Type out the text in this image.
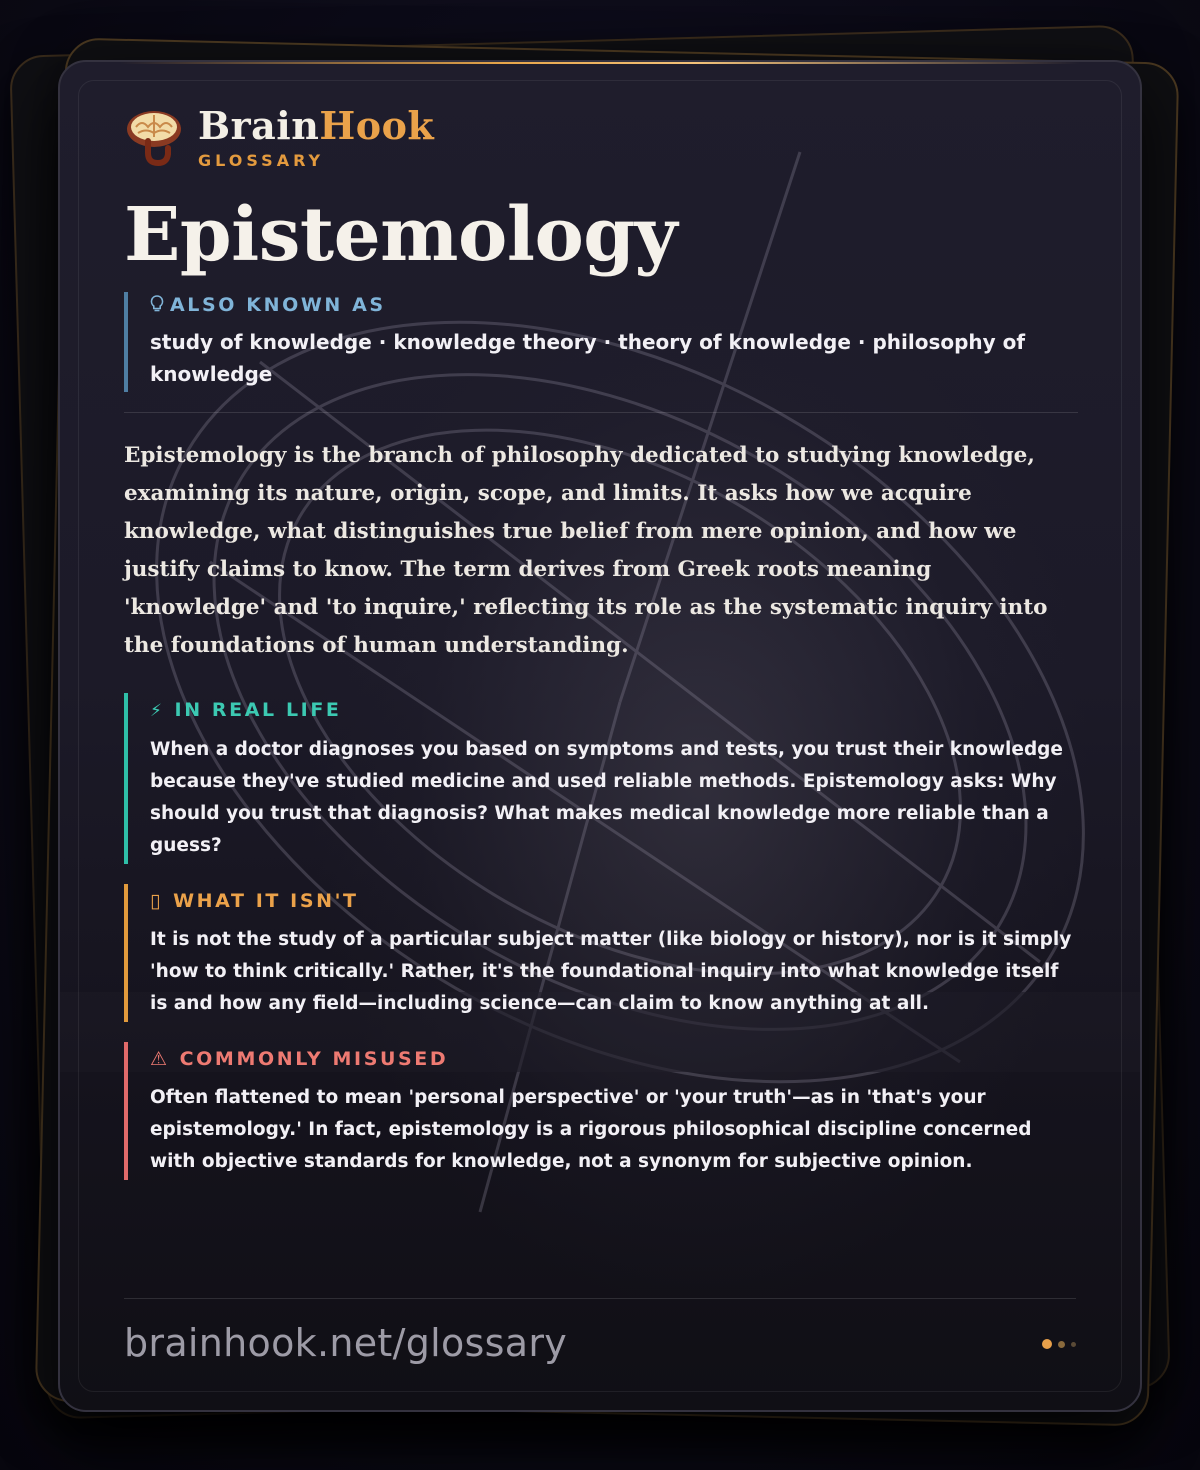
BrainHook
GLOSSARY
Epistemology
ALSO KNOWN AS
study of knowledge · knowledge theory · theory of knowledge · philosophy of knowledge
Epistemology is the branch of philosophy dedicated to studying knowledge, examining its nature, origin, scope, and limits. It asks how we acquire knowledge, what distinguishes true belief from mere opinion, and how we justify claims to know. The term derives from Greek roots meaning 'knowledge' and 'to inquire,' reflecting its role as the systematic inquiry into the foundations of human understanding.
⚡ IN REAL LIFE
When a doctor diagnoses you based on symptoms and tests, you trust their knowledge because they've studied medicine and used reliable methods. Epistemology asks: Why should you trust that diagnosis? What makes medical knowledge more reliable than a guess?
▯ WHAT IT ISN'T
It is not the study of a particular subject matter (like biology or history), nor is it simply 'how to think critically.' Rather, it's the foundational inquiry into what knowledge itself is and how any field—including science—can claim to know anything at all.
⚠ COMMONLY MISUSED
Often flattened to mean 'personal perspective' or 'your truth'—as in 'that's your epistemology.' In fact, epistemology is a rigorous philosophical discipline concerned with objective standards for knowledge, not a synonym for subjective opinion.
brainhook.net/glossary
